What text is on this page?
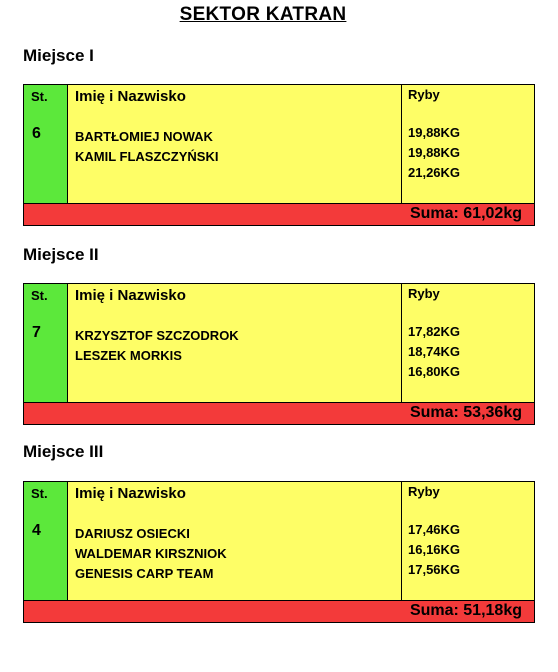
SEKTOR KATRAN
Miejsce I
St.
6
Imię i Nazwisko
BARTŁOMIEJ NOWAK
KAMIL FLASZCZYŃSKI
Ryby
19,88KG
19,88KG
21,26KG
Suma: 61,02kg
Miejsce II
St.
7
Imię i Nazwisko
KRZYSZTOF SZCZODROK
LESZEK MORKIS
Ryby
17,82KG
18,74KG
16,80KG
Suma: 53,36kg
Miejsce III
St.
4
Imię i Nazwisko
DARIUSZ OSIECKI
WALDEMAR KIRSZNIOK
GENESIS CARP TEAM
Ryby
17,46KG
16,16KG
17,56KG
Suma: 51,18kg
